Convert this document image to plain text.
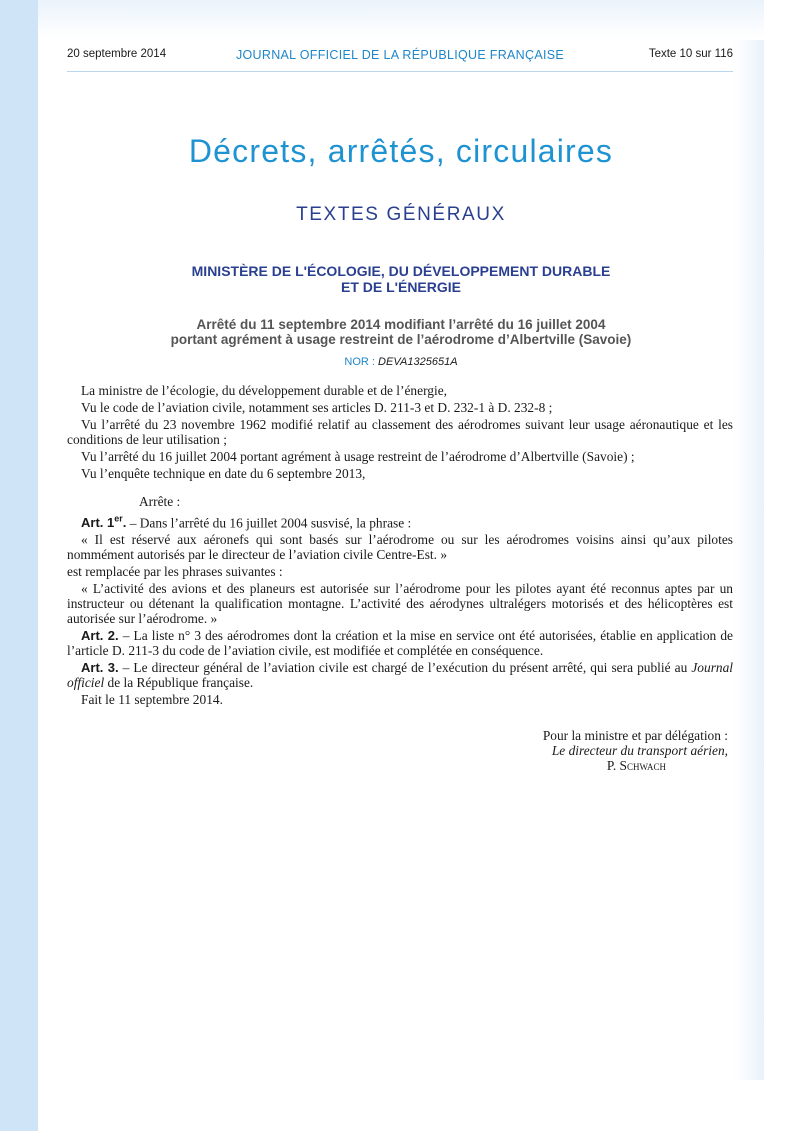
20 septembre 2014	JOURNAL OFFICIEL DE LA RÉPUBLIQUE FRANÇAISE	Texte 10 sur 116
Décrets, arrêtés, circulaires
TEXTES GÉNÉRAUX
MINISTÈRE DE L'ÉCOLOGIE, DU DÉVELOPPEMENT DURABLE
ET DE L'ÉNERGIE
Arrêté du 11 septembre 2014 modifiant l’arrêté du 16 juillet 2004
portant agrément à usage restreint de l’aérodrome d’Albertville (Savoie)
NOR : DEVA1325651A

La ministre de l’écologie, du développement durable et de l’énergie,

Vu le code de l’aviation civile, notamment ses articles D. 211-3 et D. 232-1 à D. 232-8 ;

Vu l’arrêté du 23 novembre 1962 modifié relatif au classement des aérodromes suivant leur usage aéronautique et les conditions de leur utilisation ;

Vu l’arrêté du 16 juillet 2004 portant agrément à usage restreint de l’aérodrome d’Albertville (Savoie) ;

Vu l’enquête technique en date du 6 septembre 2013,

Arrête :

Art. 1er. – Dans l’arrêté du 16 juillet 2004 susvisé, la phrase :

« Il est réservé aux aéronefs qui sont basés sur l’aérodrome ou sur les aérodromes voisins ainsi qu’aux pilotes nommément autorisés par le directeur de l’aviation civile Centre-Est. »

est remplacée par les phrases suivantes :

« L’activité des avions et des planeurs est autorisée sur l’aérodrome pour les pilotes ayant été reconnus aptes par un instructeur ou détenant la qualification montagne. L’activité des aérodynes ultralégers motorisés et des hélicoptères est autorisée sur l’aérodrome. »

Art. 2. – La liste n° 3 des aérodromes dont la création et la mise en service ont été autorisées, établie en application de l’article D. 211-3 du code de l’aviation civile, est modifiée et complétée en conséquence.

Art. 3. – Le directeur général de l’aviation civile est chargé de l’exécution du présent arrêté, qui sera publié au Journal officiel de la République française.

Fait le 11 septembre 2014.

Pour la ministre et par délégation :
Le directeur du transport aérien,
P. Schwach
